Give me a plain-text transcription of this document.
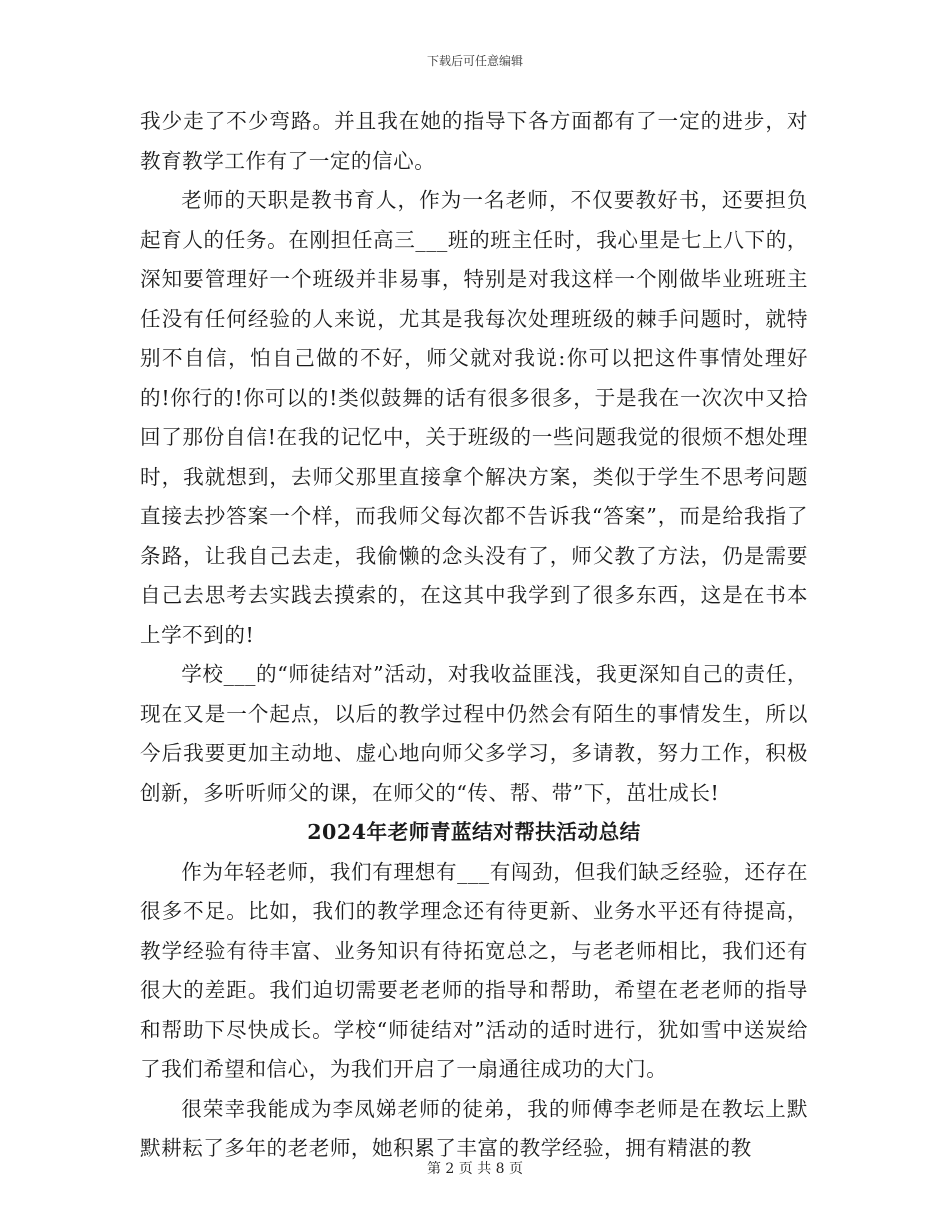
下载后可任意编辑

我少走了不少弯路。并且我在她的指导下各方面都有了一定的进步，对教育教学工作有了一定的信心。

老师的天职是教书育人，作为一名老师，不仅要教好书，还要担负起育人的任务。在刚担任高三___班的班主任时，我心里是七上八下的，深知要管理好一个班级并非易事，特别是对我这样一个刚做毕业班班主任没有任何经验的人来说，尤其是我每次处理班级的棘手问题时，就特别不自信，怕自己做的不好，师父就对我说:你可以把这件事情处理好的!你行的!你可以的!类似鼓舞的话有很多很多，于是我在一次次中又拾回了那份自信!在我的记忆中，关于班级的一些问题我觉的很烦不想处理时，我就想到，去师父那里直接拿个解决方案，类似于学生不思考问题直接去抄答案一个样，而我师父每次都不告诉我“答案”，而是给我指了条路，让我自己去走，我偷懒的念头没有了，师父教了方法，仍是需要自己去思考去实践去摸索的，在这其中我学到了很多东西，这是在书本上学不到的!

学校___的“师徒结对”活动，对我收益匪浅，我更深知自己的责任，现在又是一个起点，以后的教学过程中仍然会有陌生的事情发生，所以今后我要更加主动地、虚心地向师父多学习，多请教，努力工作，积极创新，多听听师父的课，在师父的“传、帮、带”下，茁壮成长!

2024年老师青蓝结对帮扶活动总结

作为年轻老师，我们有理想有___有闯劲，但我们缺乏经验，还存在很多不足。比如，我们的教学理念还有待更新、业务水平还有待提高，教学经验有待丰富、业务知识有待拓宽总之，与老老师相比，我们还有很大的差距。我们迫切需要老老师的指导和帮助，希望在老老师的指导和帮助下尽快成长。学校“师徒结对”活动的适时进行，犹如雪中送炭给了我们希望和信心，为我们开启了一扇通往成功的大门。

很荣幸我能成为李凤娣老师的徒弟，我的师傅李老师是在教坛上默默耕耘了多年的老老师，她积累了丰富的教学经验，拥有精湛的教

第 2 页 共 8 页
